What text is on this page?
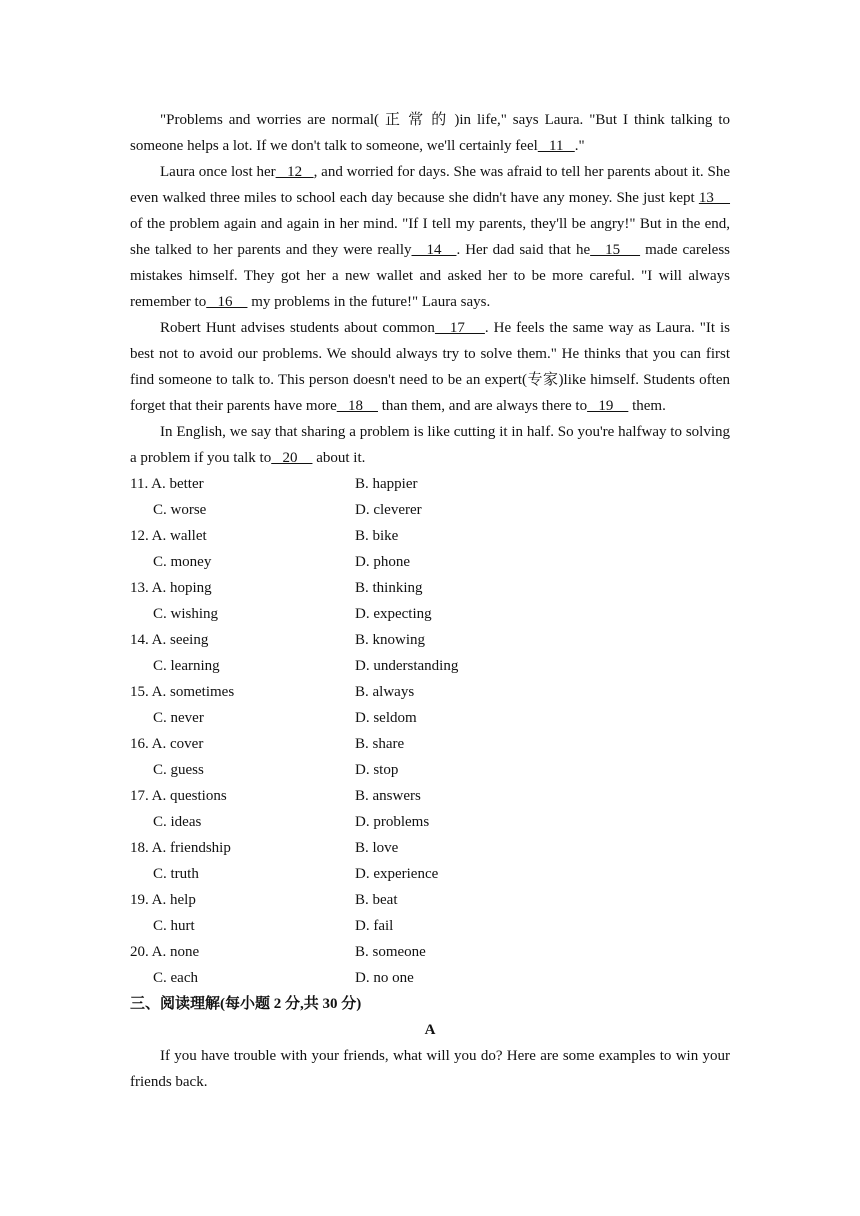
"Problems and worries are normal( 正 常 的 )in life," says Laura. "But I think talking to someone helps a lot. If we don't talk to someone, we'll certainly feel   11   ."

Laura once lost her   12   , and worried for days. She was afraid to tell her parents about it. She even walked three miles to school each day because she didn't have any money. She just kept 13     of the problem again and again in her mind. "If I tell my parents, they'll be angry!" But in the end, she talked to her parents and they were really   14   . Her dad said that he   15     made careless mistakes himself. They got her a new wallet and asked her to be more careful. "I will always remember to   16     my problems in the future!" Laura says.

Robert Hunt advises students about common   17    . He feels the same way as Laura. "It is best not to avoid our problems. We should always try to solve them." He thinks that you can first find someone to talk to. This person doesn't need to be an expert(专家)like himself. Students often forget that their parents have more   18     than them, and are always there to   19     them.

In English, we say that sharing a problem is like cutting it in half. So you're halfway to solving a problem if you talk to   20     about it.

11. A. better	B. happier
C. worse	D. cleverer
12. A. wallet	B. bike
C. money	D. phone
13. A. hoping	B. thinking
C. wishing	D. expecting
14. A. seeing	B. knowing
C. learning	D. understanding
15. A. sometimes	B. always
C. never	D. seldom
16. A. cover	B. share
C. guess	D. stop
17. A. questions	B. answers
C. ideas	D. problems
18. A. friendship	B. love
C. truth	D. experience
19. A. help	B. beat
C. hurt	D. fail
20. A. none	B. someone
C. each	D. no one
三、阅读理解(每小题 2 分,共 30 分)
A

If you have trouble with your friends, what will you do? Here are some examples to win your friends back.
